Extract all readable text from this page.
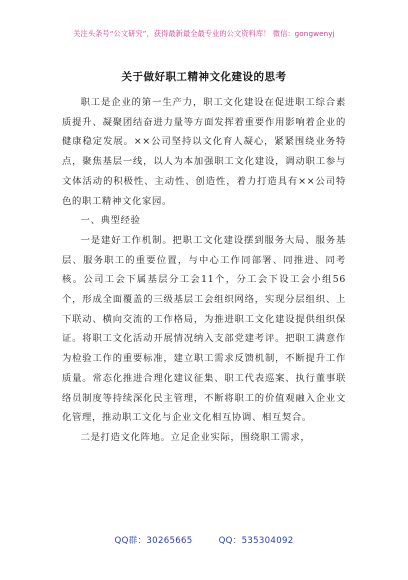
关注头条号“公文研究”，获得最新最全最专业的公文资料库！ 微信：gongwenyj
关于做好职工精神文化建设的思考

职工是企业的第一生产力，职工文化建设在促进职工综合素质提升、凝聚团结奋进力量等方面发挥着重要作用影响着企业的健康稳定发展。××公司坚持以文化育人凝心，紧紧围绕业务特点，聚焦基层一线，以人为本加强职工文化建设，调动职工参与文体活动的积极性、主动性、创造性，着力打造具有××公司特色的职工精神文化家园。

一、典型经验

一是建好工作机制。把职工文化建设摆到服务大局、服务基层、服务职工的重要位置，与中心工作同部署、同推进、同考核。公司工会下属基层分工会11个，分工会下设工会小组56个，形成全面覆盖的三级基层工会组织网络，实现分层组织、上下联动、横向交流的工作格局，为推进职工文化建设提供组织保证。将职工文化活动开展情况纳入支部党建考评。把职工满意作为检验工作的重要标准，建立职工需求反馈机制，不断提升工作质量。常态化推进合理化建议征集、职工代表巡案、执行董事联络员制度等持续深化民主管理，不断将职工的价值观融入企业文化管理，推动职工文化与企业文化相互协调、相互契合。

二是打造文化阵地。立足企业实际，围绕职工需求，

QQ群：30265665	QQ：535304092
